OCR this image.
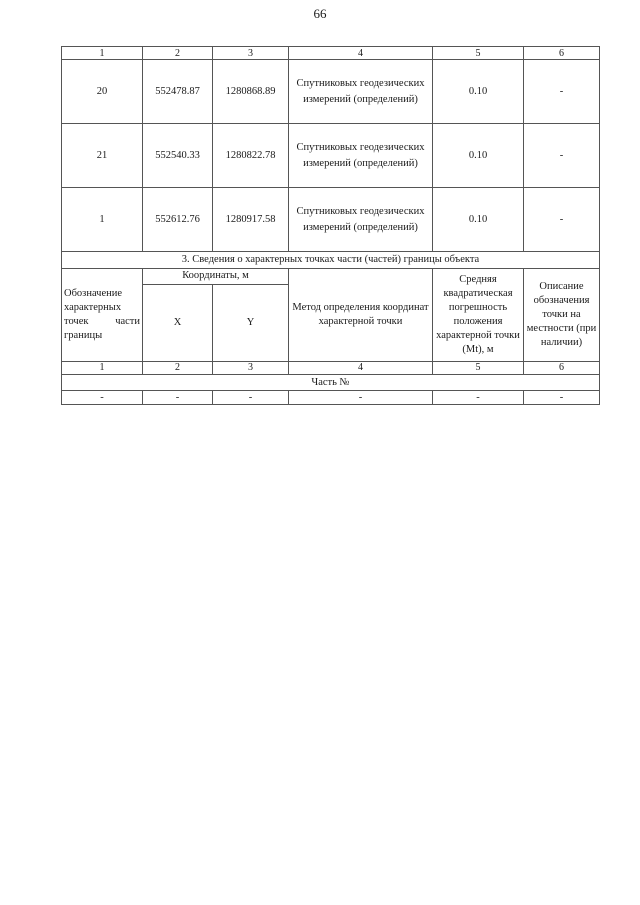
66
1	2	3	4	5	6
20	552478.87	1280868.89	Спутниковых геодезических измерений (определений)	0.10	-
21	552540.33	1280822.78	Спутниковых геодезических измерений (определений)	0.10	-
1	552612.76	1280917.58	Спутниковых геодезических измерений (определений)	0.10	-
3. Сведения о характерных точках части (частей) границы объекта					

Обозначение
характерных
точек части
границы	Координаты, м		Метод определения координат характерной точки	Средняя квадратическая погрешность положения характерной точки (Mt), м	Описание обозначения точки на местности (при наличии)
	X	Y			
1	2	3	4	5	6
Часть №					
-	-	-	-	-	-
